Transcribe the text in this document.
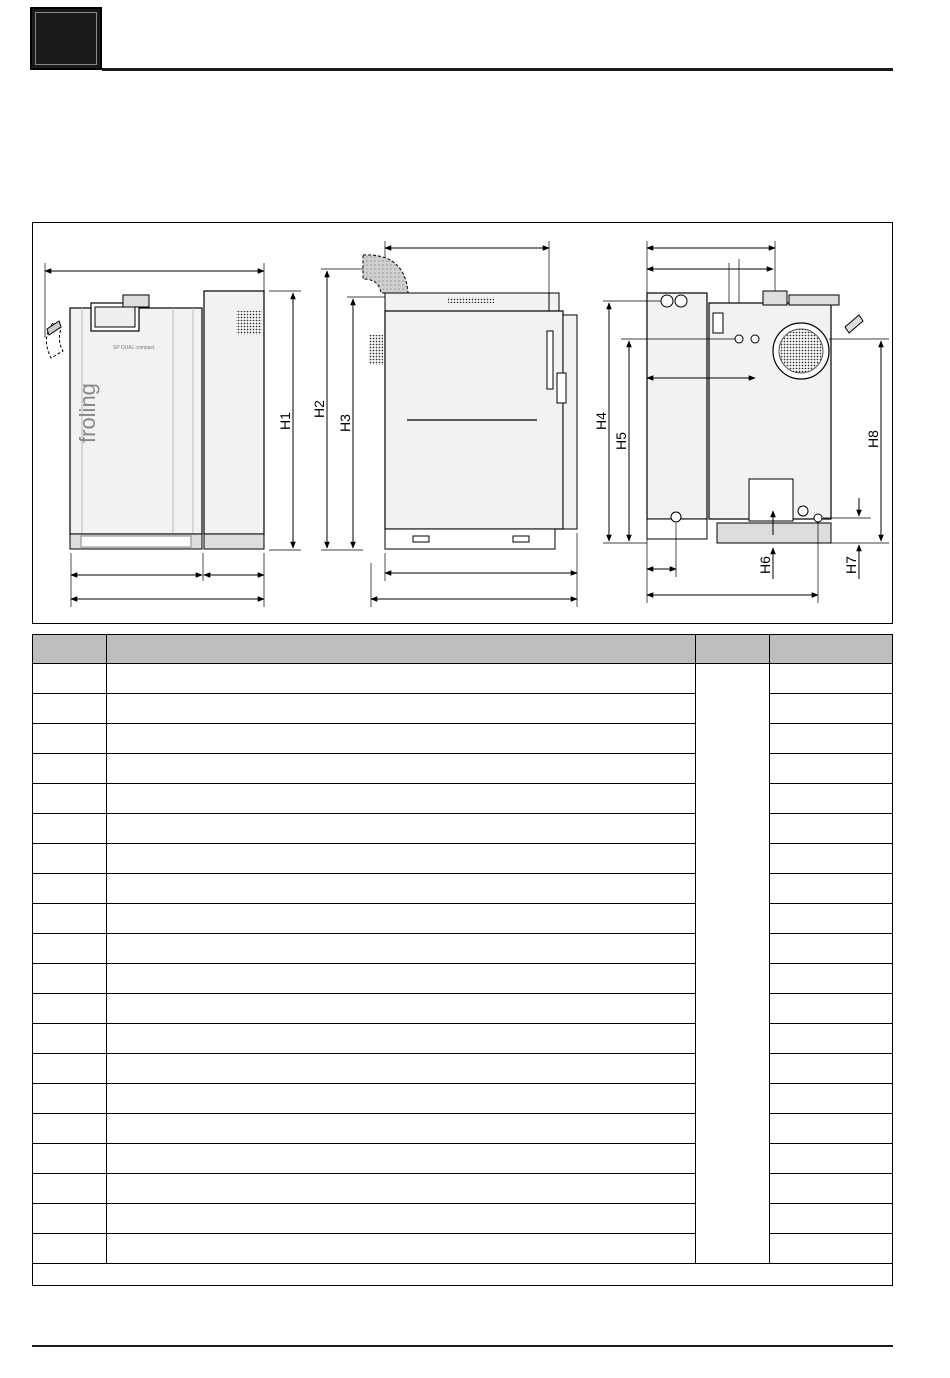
froling
SP DUAL compact
H1
H2
H3	H4
H5
H6	H7
H8
